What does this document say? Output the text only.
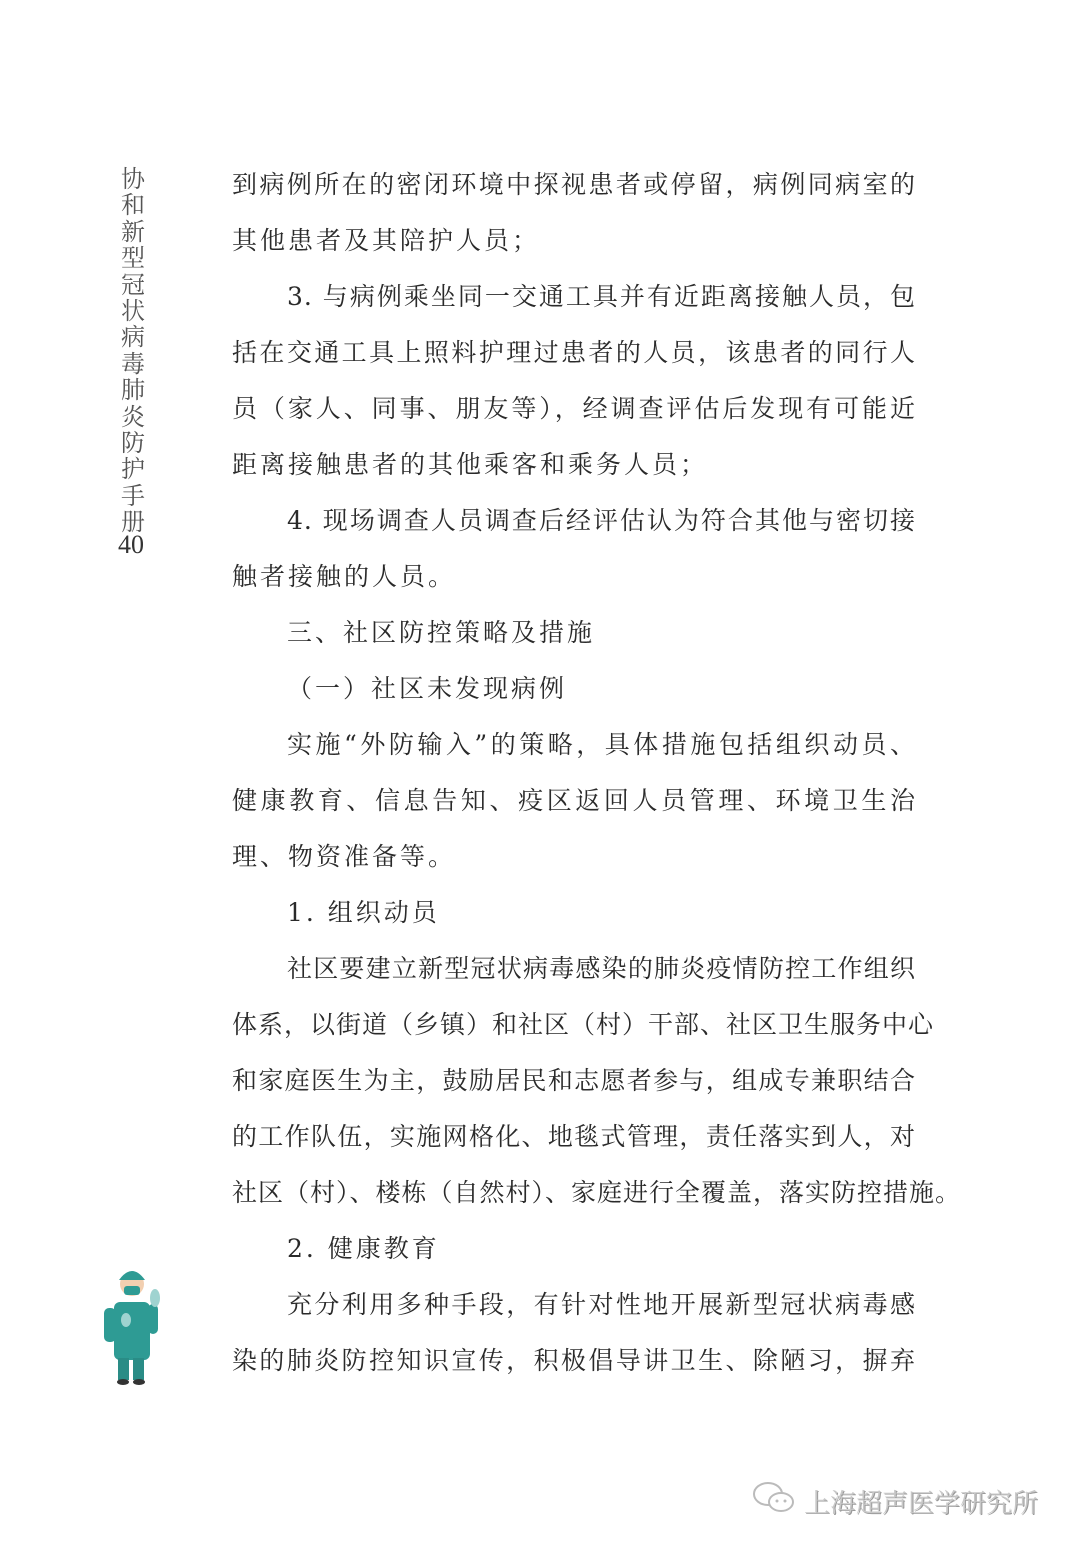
协和新型冠状病毒肺炎防护手册
40
到病例所在的密闭环境中探视患者或停留，病例同病室的
其他患者及其陪护人员；
3. 与病例乘坐同一交通工具并有近距离接触人员，包
括在交通工具上照料护理过患者的人员，该患者的同行人
员（家人、同事、朋友等），经调查评估后发现有可能近
距离接触患者的其他乘客和乘务人员；
4. 现场调查人员调查后经评估认为符合其他与密切接
触者接触的人员。
三、社区防控策略及措施
（一）社区未发现病例
实施“外防输入”的策略，具体措施包括组织动员、
健康教育、信息告知、疫区返回人员管理、环境卫生治
理、物资准备等。
1. 组织动员
社区要建立新型冠状病毒感染的肺炎疫情防控工作组织
体系，以街道（乡镇）和社区（村）干部、社区卫生服务中心
和家庭医生为主，鼓励居民和志愿者参与，组成专兼职结合
的工作队伍，实施网格化、地毯式管理，责任落实到人，对
社区（村）、楼栋（自然村）、家庭进行全覆盖，落实防控措施。
2. 健康教育
充分利用多种手段，有针对性地开展新型冠状病毒感
染的肺炎防控知识宣传，积极倡导讲卫生、除陋习，摒弃
上海超声医学研究所
